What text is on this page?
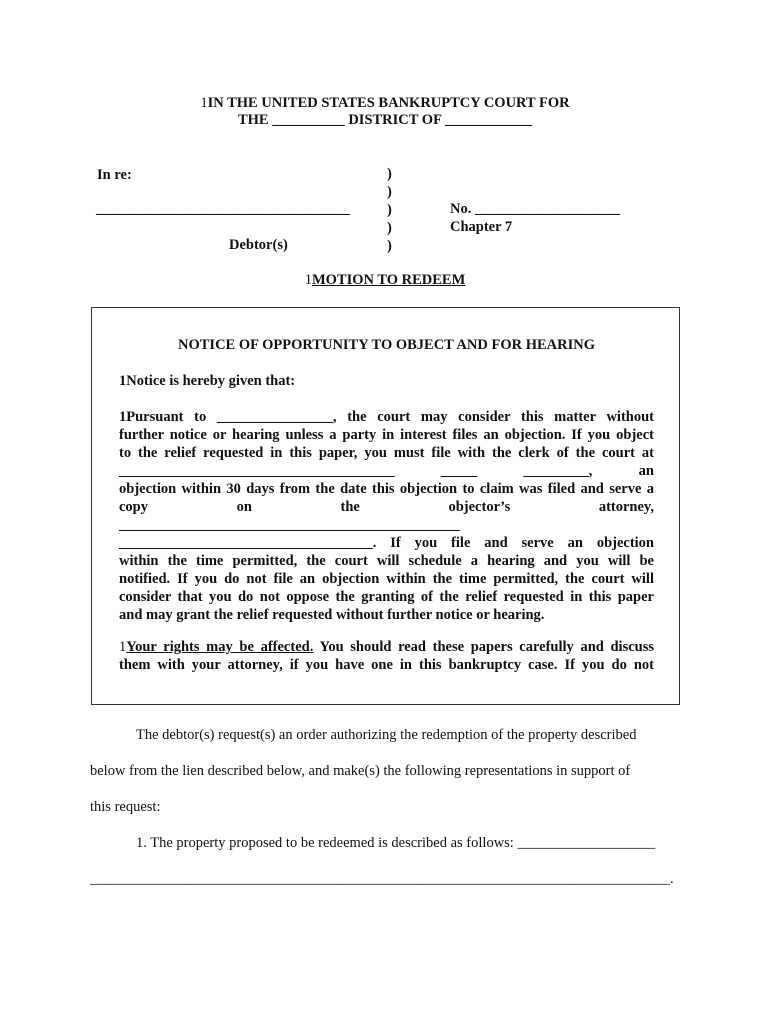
1IN THE UNITED STATES BANKRUPTCY COURT FOR
THE __________ DISTRICT OF ____________
In re:
___________________________________
Debtor(s)
)
)
)
)
)
No. ____________________
Chapter 7
1MOTION TO REDEEM
NOTICE OF OPPORTUNITY TO OBJECT AND FOR HEARING
1Notice is hereby given that:
1Pursuant to ________________, the court may consider this matter without
further notice or hearing unless a party in interest files an objection. If you object
to the relief requested in this paper, you must file with the clerk of the court at
______________________________________ _____ _________, an
objection within 30 days from the date this objection to claim was filed and serve a
copy on the objector’s attorney,
_______________________________________________
___________________________________. If you file and serve an objection
within the time permitted, the court will schedule a hearing and you will be
notified. If you do not file an objection within the time permitted, the court will
consider that you do not oppose the granting of the relief requested in this paper
and may grant the relief requested without further notice or hearing.
1Your rights may be affected. You should read these papers carefully and discuss
them with your attorney, if you have one in this bankruptcy case. If you do not
The debtor(s) request(s) an order authorizing the redemption of the property described
below from the lien described below, and make(s) the following representations in support of
this request:
1. The property proposed to be redeemed is described as follows: ___________________
________________________________________________________________________________.
